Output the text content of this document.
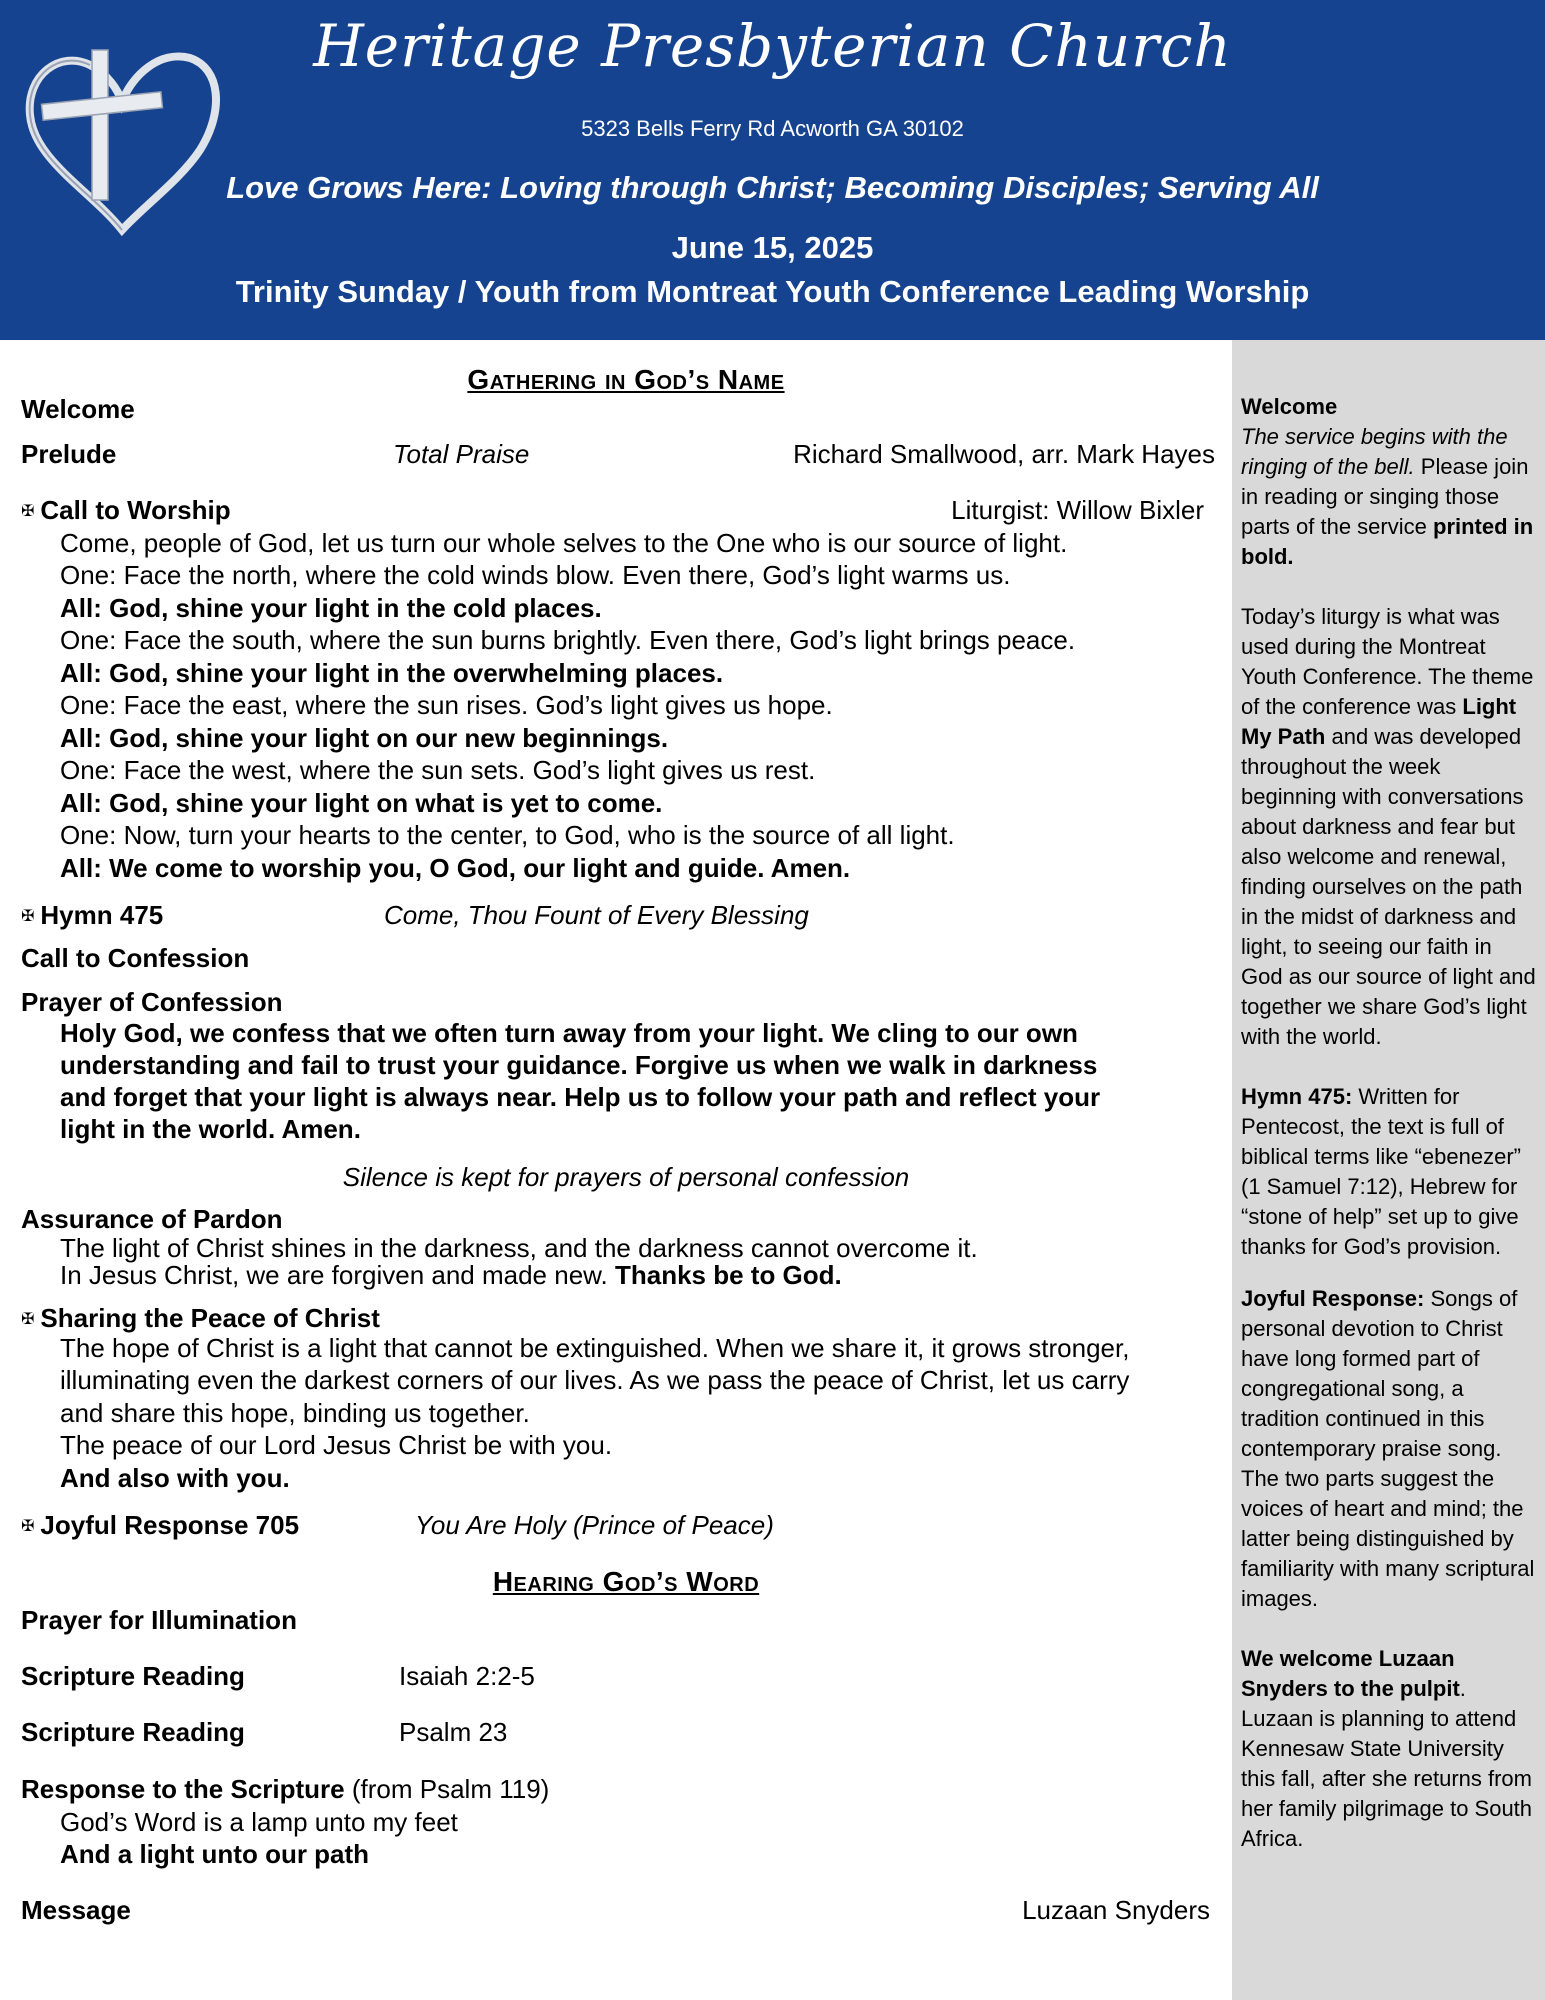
Heritage Presbyterian Church
5323 Bells Ferry Rd Acworth GA 30102
Love Grows Here: Loving through Christ; Becoming Disciples; Serving All
June 15, 2025
Trinity Sunday / Youth from Montreat Youth Conference Leading Worship
Gathering in God’s Name
Welcome
Prelude	Total Praise	Richard Smallwood, arr. Mark Hayes
✠ Call to Worship	Liturgist: Willow Bixler
Come, people of God, let us turn our whole selves to the One who is our source of light.
One: Face the north, where the cold winds blow. Even there, God’s light warms us.
All: God, shine your light in the cold places.
One: Face the south, where the sun burns brightly. Even there, God’s light brings peace.
All: God, shine your light in the overwhelming places.
One: Face the east, where the sun rises. God’s light gives us hope.
All: God, shine your light on our new beginnings.
One: Face the west, where the sun sets. God’s light gives us rest.
All: God, shine your light on what is yet to come.
One: Now, turn your hearts to the center, to God, who is the source of all light.
All: We come to worship you, O God, our light and guide. Amen.
✠ Hymn 475	Come, Thou Fount of Every Blessing
Call to Confession
Prayer of Confession
Holy God, we confess that we often turn away from your light. We cling to our own
understanding and fail to trust your guidance. Forgive us when we walk in darkness
and forget that your light is always near. Help us to follow your path and reflect your
light in the world. Amen.
Silence is kept for prayers of personal confession
Assurance of Pardon
The light of Christ shines in the darkness, and the darkness cannot overcome it.
In Jesus Christ, we are forgiven and made new. Thanks be to God.
✠ Sharing the Peace of Christ
The hope of Christ is a light that cannot be extinguished. When we share it, it grows stronger,
illuminating even the darkest corners of our lives. As we pass the peace of Christ, let us carry
and share this hope, binding us together.
The peace of our Lord Jesus Christ be with you.
And also with you.
✠ Joyful Response 705	You Are Holy (Prince of Peace)
Hearing God’s Word
Prayer for Illumination
Scripture Reading	Isaiah 2:2-5
Scripture Reading	Psalm 23
Response to the Scripture (from Psalm 119)
God’s Word is a lamp unto my feet
And a light unto our path
Message	Luzaan Snyders

Welcome
The service begins with the ringing of the bell. Please join in reading or singing those parts of the service printed in bold.

Today’s liturgy is what was used during the Montreat Youth Conference. The theme of the conference was Light My Path and was developed throughout the week beginning with conversations about darkness and fear but also welcome and renewal, finding ourselves on the path in the midst of darkness and light, to seeing our faith in God as our source of light and together we share God’s light with the world.

Hymn 475: Written for Pentecost, the text is full of biblical terms like “ebenezer” (1 Samuel 7:12), Hebrew for “stone of help” set up to give thanks for God’s provision.

Joyful Response: Songs of personal devotion to Christ have long formed part of congregational song, a tradition continued in this contemporary praise song. The two parts suggest the voices of heart and mind; the latter being distinguished by familiarity with many scriptural images.

We welcome Luzaan Snyders to the pulpit. Luzaan is planning to attend Kennesaw State University this fall, after she returns from her family pilgrimage to South Africa.
